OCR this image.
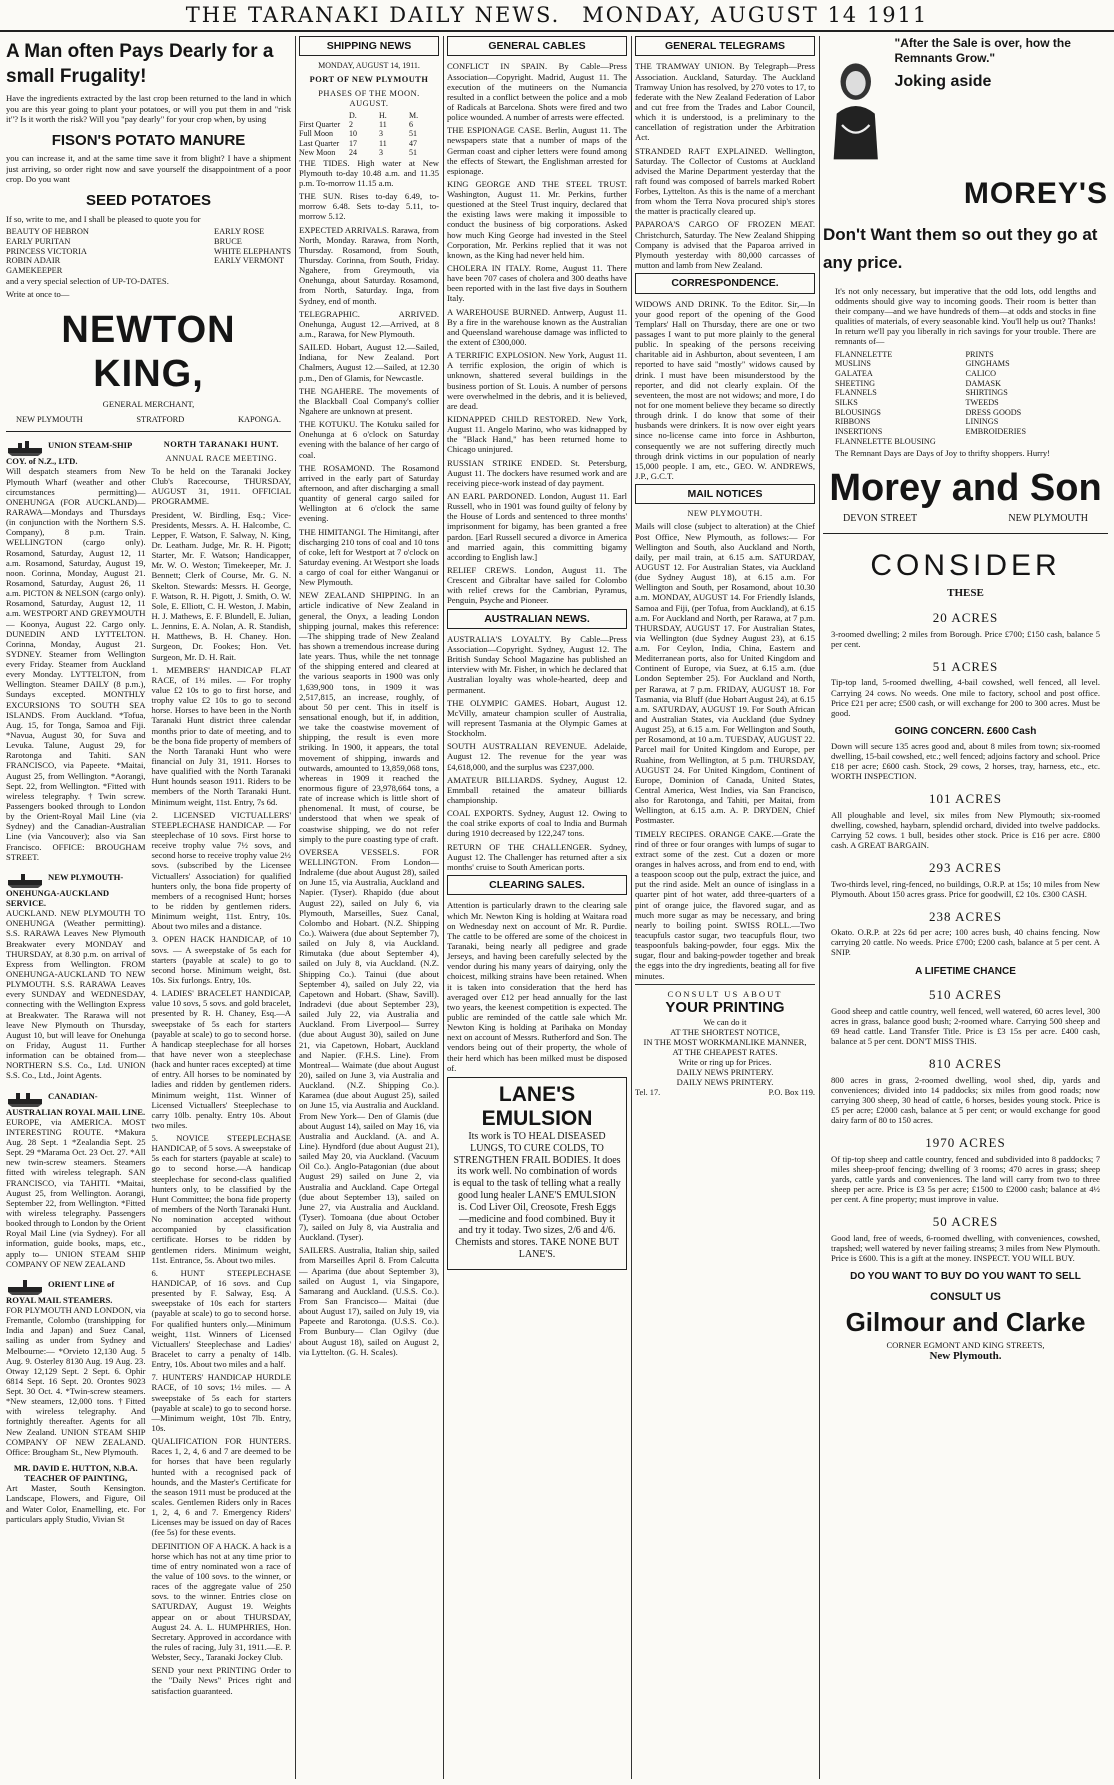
THE TARANAKI DAILY NEWS. MONDAY, AUGUST 14 1911
A Man often Pays Dearly for a small Frugality!

Have the ingredients extracted by the last crop been returned to the land in which you are this year going to plant your potatoes, or will you put them in and "risk it"? Is it worth the risk? Will you "pay dearly" for your crop when, by using

FISON'S POTATO MANURE

you can increase it, and at the same time save it from blight? I have a shipment just arriving, so order right now and save yourself the disappointment of a poor crop. Do you want

SEED POTATOES

If so, write to me, and I shall be pleased to quote you for

BEAUTY OF HEBRON
EARLY PURITAN
PRINCESS VICTORIA
ROBIN ADAIR
GAMEKEEPER
EARLY ROSE
BRUCE
WHITE ELEPHANTS
EARLY VERMONT

and a very special selection of UP-TO-DATES.

Write at once to—

NEWTON KING,
GENERAL MERCHANT,
NEW PLYMOUTH	STRATFORD	KAPONGA.
UNION STEAM-SHIP COY. of N.Z., LTD.

Will despatch steamers from New Plymouth Wharf (weather and other circumstances permitting)— ONEHUNGA (FOR AUCKLAND)— RARAWA—Mondays and Thursdays (in conjunction with the Northern S.S. Company), 8 p.m. Train. WELLINGTON (cargo only). Rosamond, Saturday, August 12, 11 a.m. Rosamond, Saturday, August 19, noon. Corinna, Monday, August 21. Rosamond, Saturday, August 26, 11 a.m. PICTON & NELSON (cargo only). Rosamond, Saturday, August 12, 11 a.m. WESTPORT AND GREYMOUTH— Koonya, August 22. Cargo only. DUNEDIN AND LYTTELTON. Corinna, Monday, August 21. SYDNEY. Steamer from Wellington every Friday. Steamer from Auckland every Monday. LYTTELTON, from Wellington. Steamer DAILY (8 p.m.), Sundays excepted. MONTHLY EXCURSIONS TO SOUTH SEA ISLANDS. From Auckland. *Tofua, Aug. 15, for Tonga, Samoa and Fiji. *Navua, August 30, for Suva and Levuka. Talune, August 29, for Rarotonga and Tahiti. SAN FRANCISCO, via Papeete. *Maitai, August 25, from Wellington. *Aorangi, Sept. 22, from Wellington. *Fitted with wireless telegraphy. †Twin screw. Passengers booked through to London by the Orient-Royal Mail Line (via Sydney) and the Canadian-Australian Line (via Vancouver); also via San Francisco. OFFICE: BROUGHAM STREET.

NEW PLYMOUTH-ONEHUNGA-AUCKLAND SERVICE.

AUCKLAND. NEW PLYMOUTH TO ONEHUNGA (Weather permitting). S.S. RARAWA Leaves New Plymouth Breakwater every MONDAY and THURSDAY, at 8.30 p.m. on arrival of Express from Wellington. FROM ONEHUNGA-AUCKLAND TO NEW PLYMOUTH. S.S. RARAWA Leaves every SUNDAY and WEDNESDAY, connecting with the Wellington Express at Breakwater. The Rarawa will not leave New Plymouth on Thursday, August 10, but will leave for Onehunga on Friday, August 11. Further information can be obtained from— NORTHERN S.S. Co., Ltd. UNION S.S. Co., Ltd., Joint Agents.

CANADIAN-AUSTRALIAN ROYAL MAIL LINE.

EUROPE, via AMERICA. MOST INTERESTING ROUTE. *Makura Aug. 28 Sept. 1 *Zealandia Sept. 25 Sept. 29 *Marama Oct. 23 Oct. 27. *All new twin-screw steamers. Steamers fitted with wireless telegraph. SAN FRANCISCO, via TAHITI. *Maitai, August 25, from Wellington. Aorangi, September 22, from Wellington. *Fitted with wireless telegraphy. Passengers booked through to London by the Orient Royal Mail Line (via Sydney). For all information, guide books, maps, etc., apply to— UNION STEAM SHIP COMPANY OF NEW ZEALAND

ORIENT LINE of ROYAL MAIL STEAMERS.

FOR PLYMOUTH AND LONDON, via Fremantle, Colombo (transhipping for India and Japan) and Suez Canal, sailing as under from Sydney and Melbourne:— *Orvieto 12,130 Aug. 5 Aug. 9. Osterley 8130 Aug. 19 Aug. 23. Otway 12,129 Sept. 2 Sept. 6. Ophir 6814 Sept. 16 Sept. 20. Orontes 9023 Sept. 30 Oct. 4. *Twin-screw steamers. *New steamers, 12,000 tons. †Fitted with wireless telegraphy. And fortnightly thereafter. Agents for all New Zealand. UNION STEAM SHIP COMPANY OF NEW ZEALAND. Office: Brougham St., New Plymouth.

MR. DAVID E. HUTTON, N.B.A.
TEACHER OF PAINTING,

Art Master, South Kensington. Landscape, Flowers, and Figure, Oil and Water Color, Enamelling, etc. For particulars apply Studio, Vivian St

NORTH TARANAKI HUNT.
ANNUAL RACE MEETING.

To be held on the Taranaki Jockey Club's Racecourse, THURSDAY, AUGUST 31, 1911. OFFICIAL PROGRAMME.

President, W. Birdling, Esq.; Vice-Presidents, Messrs. A. H. Halcombe, C. Lepper, F. Watson, F. Salway, N. King, Dr. Leatham. Judge, Mr. R. H. Pigott; Starter, Mr. F. Watson; Handicapper, Mr. W. O. Weston; Timekeeper, Mr. J. Bennett; Clerk of Course, Mr. G. N. Skelton. Stewards: Messrs. H. George, F. Watson, R. H. Pigott, J. Smith, O. W. Sole, E. Elliott, C. H. Weston, J. Mabin, H. J. Mathews, E. F. Blundell, E. Julian, L. Jennins, E. A. Nolan, A. R. Standish, H. Matthews, B. H. Chaney. Hon. Surgeon, Dr. Fookes; Hon. Vet. Surgeon, Mr. D. H. Rait.

1. MEMBERS' HANDICAP FLAT RACE, of 1½ miles. — For trophy value £2 10s to go to first horse, and trophy value £2 10s to go to second horse. Horses to have been in the North Taranaki Hunt district three calendar months prior to date of meeting, and to be the bona fide property of members of the North Taranaki Hunt who were financial on July 31, 1911. Horses to have qualified with the North Taranaki Hunt hounds season 1911. Riders to be members of the North Taranaki Hunt. Minimum weight, 11st. Entry, 7s 6d.

2. LICENSED VICTUALLERS' STEEPLECHASE HANDICAP. — For steeplechase of 10 sovs. First horse to receive trophy value 7½ sovs, and second horse to receive trophy value 2½ sovs. (subscribed by the Licensee Victuallers' Association) for qualified hunters only, the bona fide property of members of a recognised Hunt; horses to be ridden by gentlemen riders. Minimum weight, 11st. Entry, 10s. About two miles and a distance.

3. OPEN HACK HANDICAP, of 10 sovs. — A sweepstake of 5s each for starters (payable at scale) to go to second horse. Minimum weight, 8st. 10s. Six furlongs. Entry, 10s.

4. LADIES' BRACELET HANDICAP, value 10 sovs, 5 sovs. and gold bracelet, presented by R. H. Chaney, Esq.—A sweepstake of 5s each for starters (payable at scale) to go to second horse. A handicap steeplechase for all horses that have never won a steeplechase (hack and hunter races excepted) at time of entry. All horses to be nominated by ladies and ridden by gentlemen riders. Minimum weight, 11st. Winner of Licensed Victuallers' Steeplechase to carry 10lb. penalty. Entry 10s. About two miles.

5. NOVICE STEEPLECHASE HANDICAP, of 5 sovs. A sweepstake of 5s each for starters (payable at scale) to go to second horse.—A handicap steeplechase for second-class qualified hunters only, to be classified by the Hunt Committee; the bona fide property of members of the North Taranaki Hunt. No nomination accepted without accompanied by classification certificate. Horses to be ridden by gentlemen riders. Minimum weight, 11st. Entrance, 5s. About two miles.

6. HUNT STEEPLECHASE HANDICAP, of 16 sovs. and Cup presented by F. Salway, Esq. A sweepstake of 10s each for starters (payable at scale) to go to second horse. For qualified hunters only.—Minimum weight, 11st. Winners of Licensed Victuallers' Steeplechase and Ladies' Bracelet to carry a penalty of 14lb. Entry, 10s. About two miles and a half.

7. HUNTERS' HANDICAP HURDLE RACE, of 10 sovs; 1½ miles. — A sweepstake of 5s each for starters (payable at scale) to go to second horse.—Minimum weight, 10st 7lb. Entry, 10s.

QUALIFICATION FOR HUNTERS. Races 1, 2, 4, 6 and 7 are deemed to be for horses that have been regularly hunted with a recognised pack of hounds, and the Master's Certificate for the season 1911 must be produced at the scales. Gentlemen Riders only in Races 1, 2, 4, 6 and 7. Emergency Riders' Licenses may be issued on day of Races (fee 5s) for these events.

DEFINITION OF A HACK. A hack is a horse which has not at any time prior to time of entry nominated won a race of the value of 100 sovs. to the winner, or races of the aggregate value of 250 sovs. to the winner. Entries close on SATURDAY, August 19. Weights appear on or about THURSDAY, August 24. A. L. HUMPHRIES, Hon. Secretary. Approved in accordance with the rules of racing, July 31, 1911.—E. P. Webster, Secy., Taranaki Jockey Club.

SEND your next PRINTING Order to the "Daily News" Prices right and satisfaction guaranteed.

SHIPPING NEWS
MONDAY, AUGUST 14, 1911.
PORT OF NEW PLYMOUTH
PHASES OF THE MOON. AUGUST.
D.	H.	M.
First Quarter	2	11	6
Full Moon	10	3	51
Last Quarter	17	11	47
New Moon	24	3	51

THE TIDES. High water at New Plymouth to-day 10.48 a.m. and 11.35 p.m. To-morrow 11.15 a.m.

THE SUN. Rises to-day 6.49, to-morrow 6.48. Sets to-day 5.11, to-morrow 5.12.

EXPECTED ARRIVALS. Rarawa, from North, Monday. Rarawa, from North, Thursday. Rosamond, from South, Thursday. Corinna, from South, Friday. Ngahere, from Greymouth, via Onehunga, about Saturday. Rosamond, from North, Saturday. Inga, from Sydney, end of month.

TELEGRAPHIC. ARRIVED. Onehunga, August 12.—Arrived, at 8 a.m., Rarawa, for New Plymouth.

SAILED. Hobart, August 12.—Sailed, Indiana, for New Zealand. Port Chalmers, August 12.—Sailed, at 12.30 p.m., Den of Glamis, for Newcastle.

THE NGAHERE. The movements of the Blackball Coal Company's collier Ngahere are unknown at present.

THE KOTUKU. The Kotuku sailed for Onehunga at 6 o'clock on Saturday evening with the balance of her cargo of coal.

THE ROSAMOND. The Rosamond arrived in the early part of Saturday afternoon, and after discharging a small quantity of general cargo sailed for Wellington at 6 o'clock the same evening.

THE HIMITANGI. The Himitangi, after discharging 210 tons of coal and 10 tons of coke, left for Westport at 7 o'clock on Saturday evening. At Westport she loads a cargo of coal for either Wanganui or New Plymouth.

NEW ZEALAND SHIPPING. In an article indicative of New Zealand in general, the Onyx, a leading London shipping journal, makes this reference:—The shipping trade of New Zealand has shown a tremendous increase during late years. Thus, while the net tonnage of the shipping entered and cleared at the various seaports in 1900 was only 1,639,900 tons, in 1909 it was 2,517,815, an increase, roughly, of about 50 per cent. This in itself is sensational enough, but if, in addition, we take the coastwise movement of shipping, the result is even more striking. In 1900, it appears, the total movement of shipping, inwards and outwards, amounted to 13,859,068 tons, whereas in 1909 it reached the enormous figure of 23,978,664 tons, a rate of increase which is little short of phenomenal. It must, of course, be understood that when we speak of coastwise shipping, we do not refer simply to the pure coasting type of craft.

OVERSEA VESSELS. FOR WELLINGTON. From London— Indraleme (due about August 28), sailed on June 15, via Australia, Auckland and Napier. (Tyser). Rhapido (due about August 22), sailed on July 6, via Plymouth, Marseilles, Suez Canal, Colombo and Hobart. (N.Z. Shipping Co.). Waiwera (due about September 7), sailed on July 8, via Auckland. Rimutaka (due about September 4), sailed on July 8, via Auckland. (N.Z. Shipping Co.). Tainui (due about September 4), sailed on July 22, via Capetown and Hobart. (Shaw, Savill). Indradevi (due about September 23), sailed July 22, via Australia and Auckland. From Liverpool— Surrey (due about August 30), sailed on June 21, via Capetown, Hobart, Auckland and Napier. (F.H.S. Line). From Montreal— Waimate (due about August 20), sailed on June 3, via Australia and Auckland. (N.Z. Shipping Co.). Karamea (due about August 25), sailed on June 15, via Australia and Auckland. From New York— Den of Glamis (due about August 14), sailed on May 16, via Australia and Auckland. (A. and A. Line). Hyndford (due about August 21), sailed May 20, via Auckland. (Vacuum Oil Co.). Anglo-Patagonian (due about August 29) sailed on June 2, via Australia and Auckland. Cape Ortegal (due about September 13), sailed on June 27, via Australia and Auckland. (Tyser). Tomoana (due about October 7), sailed on July 8, via Australia and Auckland. (Tyser).

SAILERS. Australia, Italian ship, sailed from Marseilles April 8. From Calcutta— Aparima (due about September 3), sailed on August 1, via Singapore, Samarang and Auckland. (U.S.S. Co.). From San Francisco— Maitai (due about August 17), sailed on July 19, via Papeete and Rarotonga. (U.S.S. Co.). From Bunbury— Clan Ogilvy (due about August 18), sailed on August 2, via Lyttelton. (G. H. Scales).

GENERAL CABLES

CONFLICT IN SPAIN. By Cable—Press Association—Copyright. Madrid, August 11. The execution of the mutineers on the Numancia resulted in a conflict between the police and a mob of Radicals at Barcelona. Shots were fired and two police wounded. A number of arrests were effected.

THE ESPIONAGE CASE. Berlin, August 11. The newspapers state that a number of maps of the German coast and cipher letters were found among the effects of Stewart, the Englishman arrested for espionage.

KING GEORGE AND THE STEEL TRUST. Washington, August 11. Mr. Perkins, further questioned at the Steel Trust inquiry, declared that the existing laws were making it impossible to conduct the business of big corporations. Asked how much King George had invested in the Steel Corporation, Mr. Perkins replied that it was not known, as the King had never held him.

CHOLERA IN ITALY. Rome, August 11. There have been 707 cases of cholera and 300 deaths have been reported with in the last five days in Southern Italy.

A WAREHOUSE BURNED. Antwerp, August 11. By a fire in the warehouse known as the Australian and Queensland warehouse damage was inflicted to the extent of £300,000.

A TERRIFIC EXPLOSION. New York, August 11. A terrific explosion, the origin of which is unknown, shattered several buildings in the business portion of St. Louis. A number of persons were overwhelmed in the debris, and it is believed, are dead.

KIDNAPPED CHILD RESTORED. New York, August 11. Angelo Marino, who was kidnapped by the "Black Hand," has been returned home to Chicago uninjured.

RUSSIAN STRIKE ENDED. St. Petersburg, August 11. The dockers have resumed work and are receiving piece-work instead of day payment.

AN EARL PARDONED. London, August 11. Earl Russell, who in 1901 was found guilty of felony by the House of Lords and sentenced to three months' imprisonment for bigamy, has been granted a free pardon. [Earl Russell secured a divorce in America and married again, this committing bigamy according to English law.]

RELIEF CREWS. London, August 11. The Crescent and Gibraltar have sailed for Colombo with relief crews for the Cambrian, Pyramus, Penguin, Psyche and Pioneer.

AUSTRALIAN NEWS.

AUSTRALIA'S LOYALTY. By Cable—Press Association—Copyright. Sydney, August 12. The British Sunday School Magazine has published an interview with Mr. Fisher, in which he declared that Australian loyalty was whole-hearted, deep and permanent.

THE OLYMPIC GAMES. Hobart, August 12. McVilly, amateur champion sculler of Australia, will represent Tasmania at the Olympic Games at Stockholm.

SOUTH AUSTRALIAN REVENUE. Adelaide, August 12. The revenue for the year was £4,618,000, and the surplus was £237,000.

AMATEUR BILLIARDS. Sydney, August 12. Emmball retained the amateur billiards championship.

COAL EXPORTS. Sydney, August 12. Owing to the coal strike exports of coal to India and Burmah during 1910 decreased by 122,247 tons.

RETURN OF THE CHALLENGER. Sydney, August 12. The Challenger has returned after a six months' cruise to South American ports.

CLEARING SALES.

Attention is particularly drawn to the clearing sale which Mr. Newton King is holding at Waitara road on Wednesday next on account of Mr. R. Purdie. The cattle to be offered are some of the choicest in Taranaki, being nearly all pedigree and grade Jerseys, and having been carefully selected by the vendor during his many years of dairying, only the choicest, milking strains have been retained. When it is taken into consideration that the herd has averaged over £12 per head annually for the last two years, the keenest competition is expected. The public are reminded of the cattle sale which Mr. Newton King is holding at Parihaka on Monday next on account of Messrs. Rutherford and Son. The vendors being out of their property, the whole of their herd which has been milked must be disposed of.

LANE'S
EMULSION

Its work is TO HEAL DISEASED LUNGS, TO CURE COLDS, TO STRENGTHEN FRAIL BODIES. It does its work well. No combination of words is equal to the task of telling what a really good lung healer LANE'S EMULSION is. Cod Liver Oil, Creosote, Fresh Eggs—medicine and food combined. Buy it and try it today. Two sizes, 2/6 and 4/6. Chemists and stores. TAKE NONE BUT LANE'S.

GENERAL TELEGRAMS

THE TRAMWAY UNION. By Telegraph—Press Association. Auckland, Saturday. The Auckland Tramway Union has resolved, by 270 votes to 17, to federate with the New Zealand Federation of Labor and cut free from the Trades and Labor Council, which it is understood, is a preliminary to the cancellation of registration under the Arbitration Act.

STRANDED RAFT EXPLAINED. Wellington, Saturday. The Collector of Customs at Auckland advised the Marine Department yesterday that the raft found was composed of barrels marked Robert Forbes, Lyttelton. As this is the name of a merchant from whom the Terra Nova procured ship's stores the matter is practically cleared up.

PAPAROA'S CARGO OF FROZEN MEAT. Christchurch, Saturday. The New Zealand Shipping Company is advised that the Paparoa arrived in Plymouth yesterday with 80,000 carcasses of mutton and lamb from New Zealand.

CORRESPONDENCE.

WIDOWS AND DRINK. To the Editor. Sir,—In your good report of the opening of the Good Templars' Hall on Thursday, there are one or two passages I want to put more plainly to the general public. In speaking of the persons receiving charitable aid in Ashburton, about seventeen, I am reported to have said "mostly" widows caused by drink. I must have been misunderstood by the reporter, and did not clearly explain. Of the seventeen, the most are not widows; and more, I do not for one moment believe they became so directly through drink. I do know that some of their husbands were drinkers. It is now over eight years since no-license came into force in Ashburton, consequently we are not suffering directly much through drink victims in our population of nearly 15,000 people. I am, etc., GEO. W. ANDREWS, J.P., G.C.T.

MAIL NOTICES
NEW PLYMOUTH.

Mails will close (subject to alteration) at the Chief Post Office, New Plymouth, as follows:— For Wellington and South, also Auckland and North, daily, per mail train, at 6.15 a.m. SATURDAY, AUGUST 12. For Australian States, via Auckland (due Sydney August 18), at 6.15 a.m. For Wellington and South, per Rosamond, about 10.30 a.m. MONDAY, AUGUST 14. For Friendly Islands, Samoa and Fiji, (per Tofua, from Auckland), at 6.15 a.m. For Auckland and North, per Rarawa, at 7 p.m. THURSDAY, AUGUST 17. For Australian States, via Wellington (due Sydney August 23), at 6.15 a.m. For Ceylon, India, China, Eastern and Mediterranean ports, also for United Kingdom and Continent of Europe, via Suez, at 6.15 a.m. (due London September 25). For Auckland and North, per Rarawa, at 7 p.m. FRIDAY, AUGUST 18. For Tasmania, via Bluff (due Hobart August 24), at 6.15 a.m. SATURDAY, AUGUST 19. For South African and Australian States, via Auckland (due Sydney August 25), at 6.15 a.m. For Wellington and South, per Rosamond, at 10 a.m. TUESDAY, AUGUST 22. Parcel mail for United Kingdom and Europe, per Ruahine, from Wellington, at 5 p.m. THURSDAY, AUGUST 24. For United Kingdom, Continent of Europe, Dominion of Canada, United States, Central America, West Indies, via San Francisco, also for Rarotonga, and Tahiti, per Maitai, from Wellington, at 6.15 a.m. A. P. DRYDEN, Chief Postmaster.

TIMELY RECIPES. ORANGE CAKE.—Grate the rind of three or four oranges with lumps of sugar to extract some of the zest. Cut a dozen or more oranges in halves across, and from end to end, with a teaspoon scoop out the pulp, extract the juice, and put the rind aside. Melt an ounce of isinglass in a quarter pint of hot water, add three-quarters of a pint of orange juice, the flavored sugar, and as much more sugar as may be necessary, and bring nearly to boiling point. SWISS ROLL.—Two teacupfuls castor sugar, two teacupfuls flour, two teaspoonfuls baking-powder, four eggs. Mix the sugar, flour and baking-powder together and break the eggs into the dry ingredients, beating all for five minutes.

CONSULT US ABOUT
YOUR PRINTING
We can do it
AT THE SHORTEST NOTICE,
IN THE MOST WORKMANLIKE MANNER,
AT THE CHEAPEST RATES.
Write or ring up for Prices.
DAILY NEWS PRINTERY.
DAILY NEWS PRINTERY.
Tel. 17.	P.O. Box 119.
"After the Sale is over, how the Remnants Grow."
Joking aside
MOREY'S
Don't Want them so out they go at any price.

It's not only necessary, but imperative that the odd lots, odd lengths and oddments should give way to incoming goods. Their room is better than their company—and we have hundreds of them—at odds and stocks in fine qualities of materials, of every seasonable kind. You'll help us out? Thanks! In return we'll pay you liberally in rich savings for your trouble. There are remnants of—

FLANNELETTE
MUSLINS
GALATEA
SHEETING
FLANNELS
SILKS
BLOUSINGS
RIBBONS
INSERTIONS
FLANNELETTE BLOUSING
PRINTS
GINGHAMS
CALICO
DAMASK
SHIRTINGS
TWEEDS
DRESS GOODS
LININGS
EMBROIDERIES

The Remnant Days are Days of Joy to thrifty shoppers. Hurry!

Morey and Son
DEVON STREET	NEW PLYMOUTH
CONSIDER
THESE
20 ACRES

3-roomed dwelling; 2 miles from Borough. Price £700; £150 cash, balance 5 per cent.

51 ACRES

Tip-top land, 5-roomed dwelling, 4-bail cowshed, well fenced, all level. Carrying 24 cows. No weeds. One mile to factory, school and post office. Price £21 per acre; £500 cash, or will exchange for 200 to 300 acres. Must be good.

GOING CONCERN. £600 Cash

Down will secure 135 acres good and, about 8 miles from town; six-roomed dwelling, 15-bail cowshed, etc.; well fenced; adjoins factory and school. Price £18 per acre; £600 cash. Stock, 29 cows, 2 horses, tray, harness, etc., etc. WORTH INSPECTION.

101 ACRES

All ploughable and level, six miles from New Plymouth; six-roomed dwelling, cowshed, haybarn, splendid orchard, divided into twelve paddocks. Carrying 52 cows. 1 bull, besides other stock. Price is £16 per acre. £800 cash. A GREAT BARGAIN.

293 ACRES

Two-thirds level, ring-fenced, no buildings, O.R.P. at 15s; 10 miles from New Plymouth. About 150 acres grass. Price for goodwill, £2 10s. £300 CASH.

238 ACRES

Okato. O.R.P. at 22s 6d per acre; 100 acres bush, 40 chains fencing. Now carrying 20 cattle. No weeds. Price £700; £200 cash, balance at 5 per cent. A SNIP.

A LIFETIME CHANCE
510 ACRES

Good sheep and cattle country, well fenced, well watered, 60 acres level, 300 acres in grass, balance good bush; 2-roomed whare. Carrying 500 sheep and 69 head cattle. Land Transfer Title. Price is £3 15s per acre. £400 cash, balance at 5 per cent. DON'T MISS THIS.

810 ACRES

800 acres in grass, 2-roomed dwelling, wool shed, dip, yards and conveniences; divided into 14 paddocks; six miles from good roads; now carrying 300 sheep, 30 head of cattle, 6 horses, besides young stock. Price is £5 per acre; £2000 cash, balance at 5 per cent; or would exchange for good dairy farm of 80 to 150 acres.

1970 ACRES

Of tip-top sheep and cattle country, fenced and subdivided into 8 paddocks; 7 miles sheep-proof fencing; dwelling of 3 rooms; 470 acres in grass; sheep yards, cattle yards and conveniences. The land will carry from two to three sheep per acre. Price is £3 5s per acre; £1500 to £2000 cash; balance at 4½ per cent. A fine property; must improve in value.

50 ACRES

Good land, free of weeds, 6-roomed dwelling, with conveniences, cowshed, trapshed; well watered by never failing streams; 3 miles from New Plymouth. Price is £600. This is a gift at the money. INSPECT. YOU WILL BUY.

DO YOU WANT TO BUY DO YOU WANT TO SELL
CONSULT US
Gilmour and Clarke
CORNER EGMONT AND KING STREETS,
New Plymouth.
